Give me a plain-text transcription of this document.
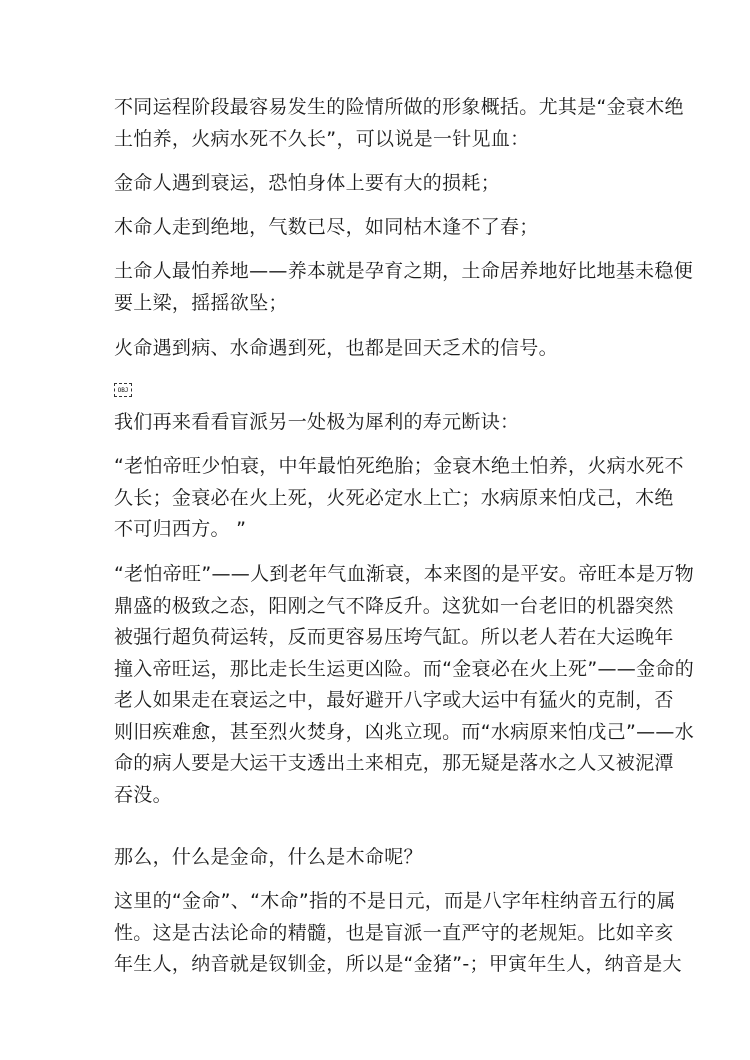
不同运程阶段最容易发生的险情所做的形象概括。尤其是“金衰木绝
土怕养，火病水死不久长”，可以说是一针见血：

金命人遇到衰运，恐怕身体上要有大的损耗；

木命人走到绝地，气数已尽，如同枯木逢不了春；

土命人最怕养地——养本就是孕育之期，土命居养地好比地基未稳便
要上梁，摇摇欲坠；

火命遇到病、水命遇到死，也都是回天乏术的信号。

OBJ

我们再来看看盲派另一处极为犀利的寿元断诀：

“老怕帝旺少怕衰，中年最怕死绝胎；金衰木绝土怕养，火病水死不
久长；金衰必在火上死，火死必定水上亡；水病原来怕戊己，木绝
不可归西方。 ”

“老怕帝旺”——人到老年气血渐衰，本来图的是平安。帝旺本是万物
鼎盛的极致之态，阳刚之气不降反升。这犹如一台老旧的机器突然
被强行超负荷运转，反而更容易压垮气缸。所以老人若在大运晚年
撞入帝旺运，那比走长生运更凶险。而“金衰必在火上死”——金命的
老人如果走在衰运之中，最好避开八字或大运中有猛火的克制，否
则旧疾难愈，甚至烈火焚身，凶兆立现。而“水病原来怕戊己”——水
命的病人要是大运干支透出土来相克，那无疑是落水之人又被泥潭
吞没。

那么，什么是金命，什么是木命呢？

这里的“金命”、“木命”指的不是日元，而是八字年柱纳音五行的属
性。这是古法论命的精髓，也是盲派一直严守的老规矩。比如辛亥
年生人，纳音就是钗钏金，所以是“金猪”-；甲寅年生人，纳音是大
